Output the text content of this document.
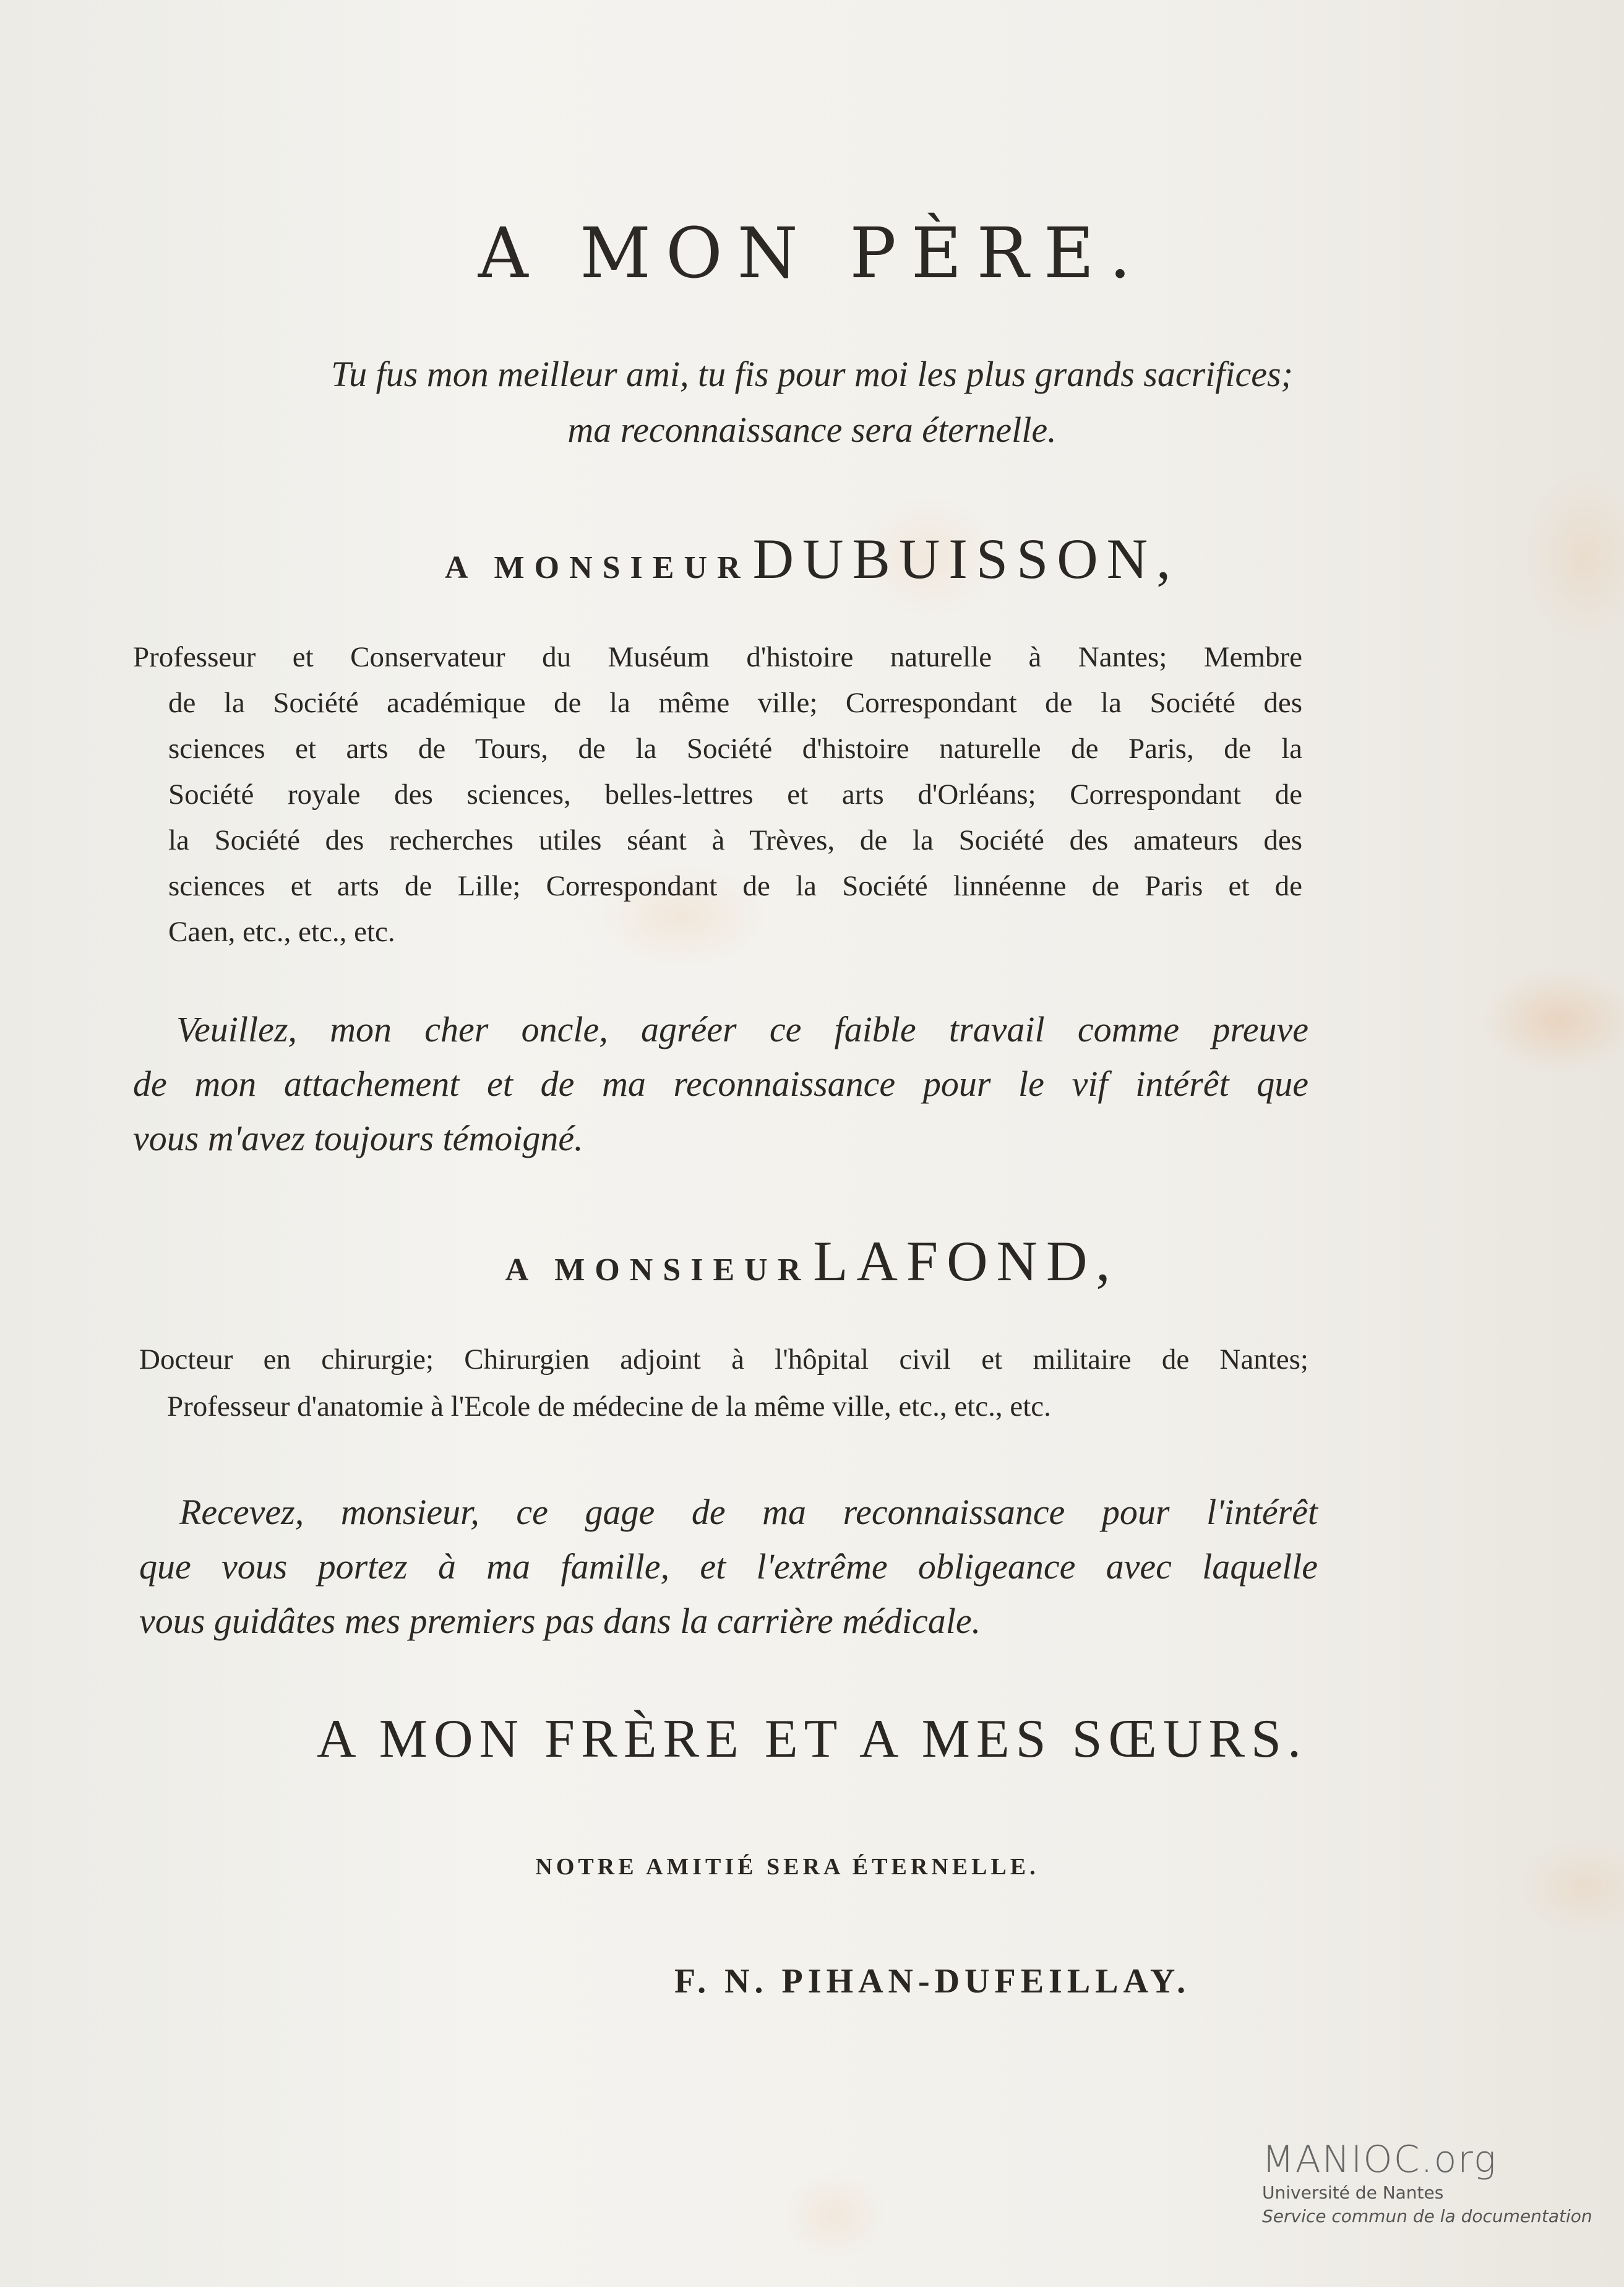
A MON PÈRE.
Tu fus mon meilleur ami, tu fis pour moi les plus grands sacrifices;
ma reconnaissance sera éternelle.
A MONSIEUR DUBUISSON,
Professeur et Conservateur du Muséum d'histoire naturelle à Nantes; Membre
de la Société académique de la même ville; Correspondant de la Société des
sciences et arts de Tours, de la Société d'histoire naturelle de Paris, de la
Société royale des sciences, belles-lettres et arts d'Orléans; Correspondant de
la Société des recherches utiles séant à Trèves, de la Société des amateurs des
sciences et arts de Lille; Correspondant de la Société linnéenne de Paris et de
Caen, etc., etc., etc.
Veuillez, mon cher oncle, agréer ce faible travail comme preuve
de mon attachement et de ma reconnaissance pour le vif intérêt que
vous m'avez toujours témoigné.
A MONSIEUR LAFOND,
Docteur en chirurgie; Chirurgien adjoint à l'hôpital civil et militaire de Nantes;
Professeur d'anatomie à l'Ecole de médecine de la même ville, etc., etc., etc.
Recevez, monsieur, ce gage de ma reconnaissance pour l'intérêt
que vous portez à ma famille, et l'extrême obligeance avec laquelle
vous guidâtes mes premiers pas dans la carrière médicale.
A MON FRÈRE ET A MES SŒURS.
NOTRE AMITIÉ SERA ÉTERNELLE.
F. N. PIHAN-DUFEILLAY.
MANIOC.org
Université de Nantes
Service commun de la documentation
